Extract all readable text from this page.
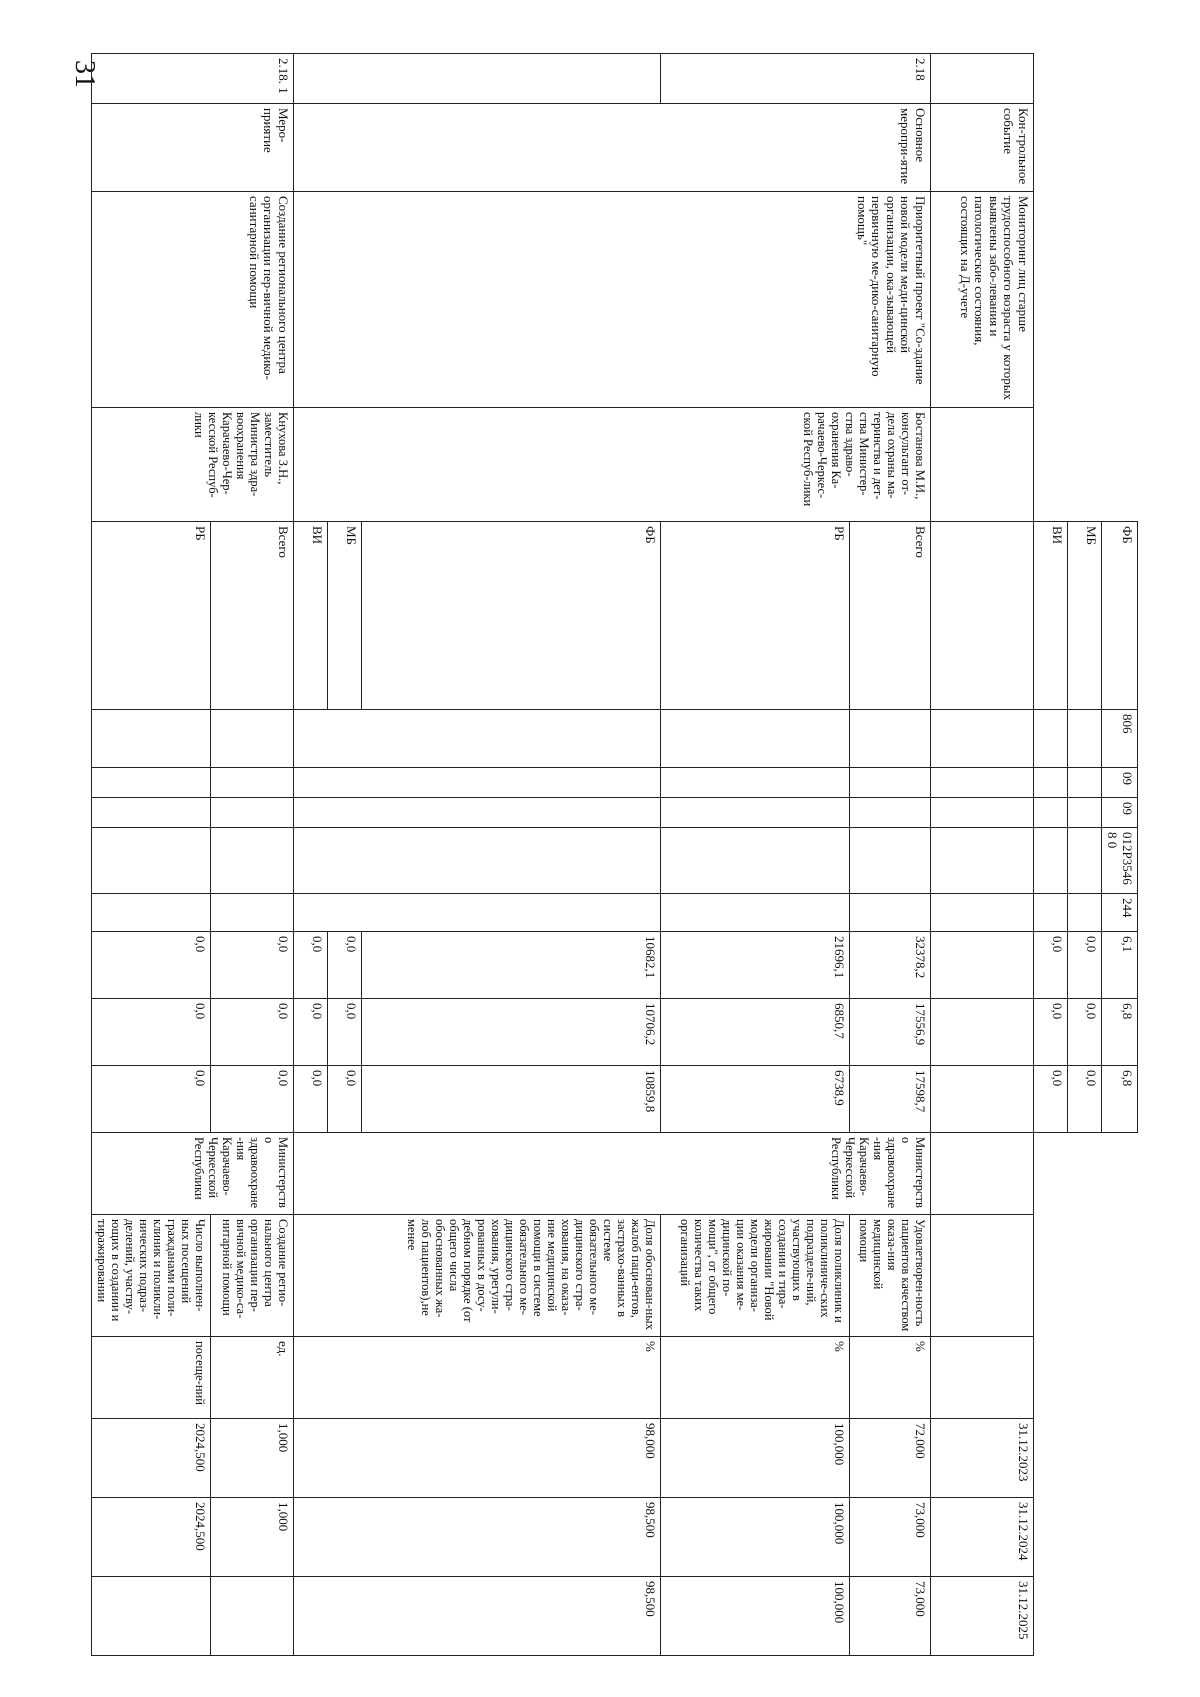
31
				ФБ	806	09	09	012P35468 0	244	6,1	6,8	6,8						
				МБ						0,0	0,0	0,0						
				ВИ						0,0	0,0	0,0						
	Кон-трольное событие	Мониторинг лиц старше трудоспособного возраста у которых выявлены забо-левания и патологические состояния, состоящих на Д-учете														31.12.2023	31.12.2024	31.12.2025
2.18	Основное меропри-ятие	Приоритетный проект "Со-здание новой модели меди-цинской организации, ока-зывающей первичную ме-дико-санитарную помощь"	Бостанова М.И., консультант от-дела охраны ма-теринства и дет-ства Министер-ства здраво-охранения Ка-рачаево-Черкес-ской Респуб-лики	Всего						32378,2	17556,9	17598,7	Министерство здравоохране-ния Карачаево-Черкесской Республики	Удовлетворен-ность пациентов качеством оказа-ния медицинской помощи	%	72,000	73,000	73,000
				РБ						21696,1	6850,7	6738,9		Доля поликлиник и поликлиниче-ских подразделе-ний, участвующих в создании и тира-жировании "Новой модели организа-ции оказания ме-дицинской по-мощи", от общего количества таких организаций	%	100,000	100,000	100,000
				ФБ						10682,1	10706,2	10859,8		Доля обоснован-ных жалоб паци-ентов, застрахо-ванных в системе обязательного ме-дицинского стра-хования, на оказа-ние медицинской помощи в системе обязательного ме-дицинского стра-хования, урегули-рованных в досу-дебном порядке (от общего числа обоснованных жа-лоб пациентов),не менее	%	98,000	98,500	98,500
				МБ						0,0	0,0	0,0						
				ВИ						0,0	0,0	0,0						
2.18. 1	Меро-приятие	Создание регионального центра организации пер-вичной медико-санитарной помощи	Кнухова З.Н., заместитель Министра здра-воохранения Карачаево-Чер-кесской Респуб-лики	Всего						0,0	0,0	0,0	Министерство здравоохране-ния Карачаево-Черкесской Республики	Создание регио-нального центра организации пер-вичной медико-са-нитарной помощи	ед.	1,000	1,000	
				РБ						0,0	0,0	0,0		Число выполнен-ных посещений гражданами поли-клиник и поликли-нических подраз-делений, участву-ющих в создании и тиражировании	посеще-ний	2024,500	2024,500	
